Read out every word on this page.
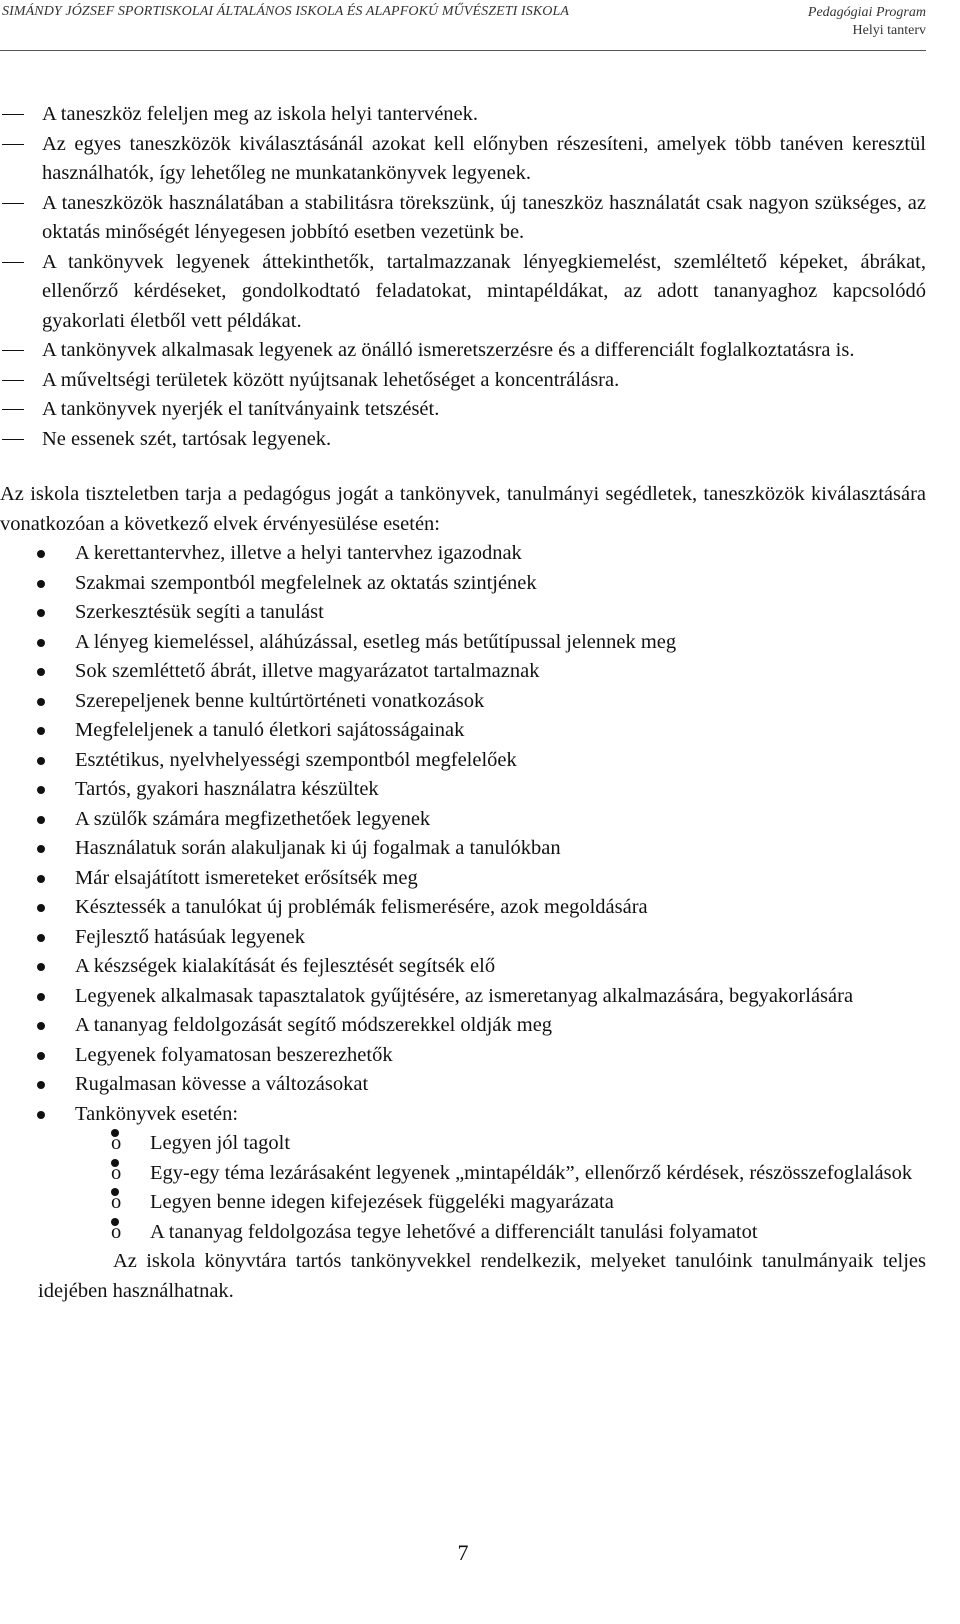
SIMÁNDY JÓZSEF SPORTISKOLAI ÁLTALÁNOS ISKOLA ÉS ALAPFOKÚ MŰVÉSZETI ISKOLA	Pedagógiai Program
Helyi tanterv
A taneszköz feleljen meg az iskola helyi tantervének.
Az egyes taneszközök kiválasztásánál azokat kell előnyben részesíteni, amelyek több tanéven keresztül használhatók, így lehetőleg ne munkatankönyvek legyenek.
A taneszközök használatában a stabilitásra törekszünk, új taneszköz használatát csak nagyon szükséges, az oktatás minőségét lényegesen jobbító esetben vezetünk be.
A tankönyvek legyenek áttekinthetők, tartalmazzanak lényegkiemelést, szemléltető képeket, ábrákat, ellenőrző kérdéseket, gondolkodtató feladatokat, mintapéldákat, az adott tananyaghoz kapcsolódó gyakorlati életből vett példákat.
A tankönyvek alkalmasak legyenek az önálló ismeretszerzésre és a differenciált foglalkoztatásra is.
A műveltségi területek között nyújtsanak lehetőséget a koncentrálásra.
A tankönyvek nyerjék el tanítványaink tetszését.
Ne essenek szét, tartósak legyenek.

Az iskola tiszteletben tarja a pedagógus jogát a tankönyvek, tanulmányi segédletek, taneszközök kiválasztására vonatkozóan a következő elvek érvényesülése esetén:

A kerettantervhez, illetve a helyi tantervhez igazodnak
Szakmai szempontból megfelelnek az oktatás szintjének
Szerkesztésük segíti a tanulást
A lényeg kiemeléssel, aláhúzással, esetleg más betűtípussal jelennek meg
Sok szemléttető ábrát, illetve magyarázatot tartalmaznak
Szerepeljenek benne kultúrtörténeti vonatkozások
Megfeleljenek a tanuló életkori sajátosságainak
Esztétikus, nyelvhelyességi szempontból megfelelőek
Tartós, gyakori használatra készültek
A szülők számára megfizethetőek legyenek
Használatuk során alakuljanak ki új fogalmak a tanulókban
Már elsajátított ismereteket erősítsék meg
Késztessék a tanulókat új problémák felismerésére, azok megoldására
Fejlesztő hatásúak legyenek
A készségek kialakítását és fejlesztését segítsék elő
Legyenek alkalmasak tapasztalatok gyűjtésére, az ismeretanyag alkalmazására, begyakorlására
A tananyag feldolgozását segítő módszerekkel oldják meg
Legyenek folyamatosan beszerezhetők
Rugalmasan kövesse a változásokat
Tankönyvek esetén:
o Legyen jól tagolt
o Egy-egy téma lezárásaként legyenek „mintapéldák”, ellenőrző kérdések, részösszefoglalások
o Legyen benne idegen kifejezések függeléki magyarázata
o A tananyag feldolgozása tegye lehetővé a differenciált tanulási folyamatot

Az iskola könyvtára tartós tankönyvekkel rendelkezik, melyeket tanulóink tanulmányaik teljes idejében használhatnak.

7
